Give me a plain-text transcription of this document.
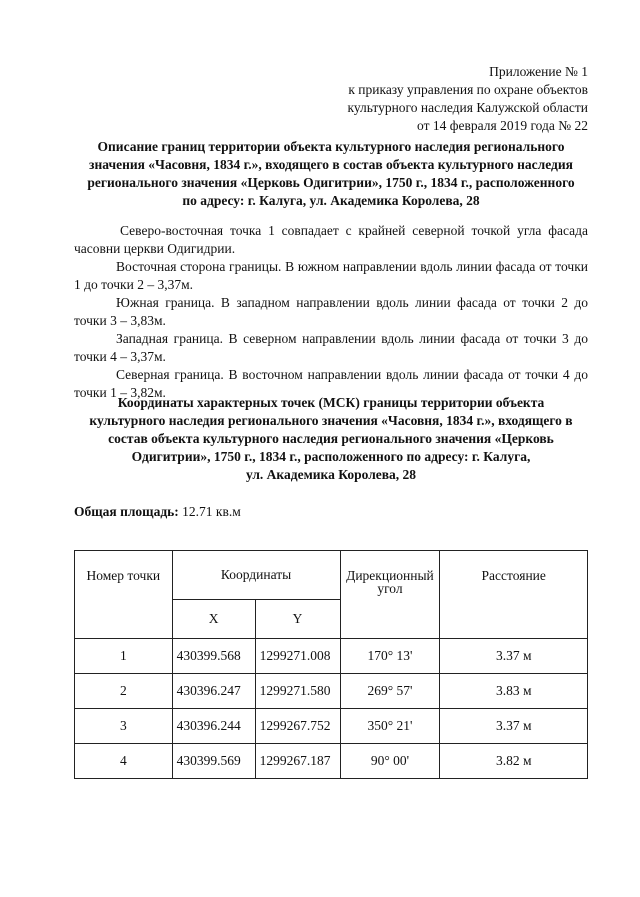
Приложение № 1
к приказу управления по охране объектов
культурного наследия Калужской области
от 14 февраля 2019 года № 22
Описание границ территории объекта культурного наследия регионального
значения «Часовня, 1834 г.», входящего в состав объекта культурного наследия
регионального значения «Церковь Одигитрии», 1750 г., 1834 г., расположенного
по адресу: г. Калуга, ул. Академика Королева, 28

Северо-восточная точка 1 совпадает с крайней северной точкой угла фасада часовни церкви Одигидрии.

Восточная сторона границы. В южном направлении вдоль линии фасада от точки 1 до точки 2 – 3,37м.

Южная граница. В западном направлении вдоль линии фасада от точки 2 до точки 3 – 3,83м.

Западная граница. В северном направлении вдоль линии фасада от точки 3 до точки 4 – 3,37м.

Северная граница. В восточном направлении вдоль линии фасада от точки 4 до точки 1 – 3,82м.

Координаты характерных точек (МСК) границы территории объекта
культурного наследия регионального значения «Часовня, 1834 г.», входящего в
состав объекта культурного наследия регионального значения «Церковь
Одигитрии», 1750 г., 1834 г., расположенного по адресу: г. Калуга,
ул. Академика Королева, 28
Общая площадь: 12.71 кв.м
Номер точки	Координаты		Дирекционный угол	Расстояние
	X	Y		
1	430399.568	1299271.008	170° 13'	3.37 м
2	430396.247	1299271.580	269° 57'	3.83 м
3	430396.244	1299267.752	350° 21'	3.37 м
4	430399.569	1299267.187	90° 00'	3.82 м
